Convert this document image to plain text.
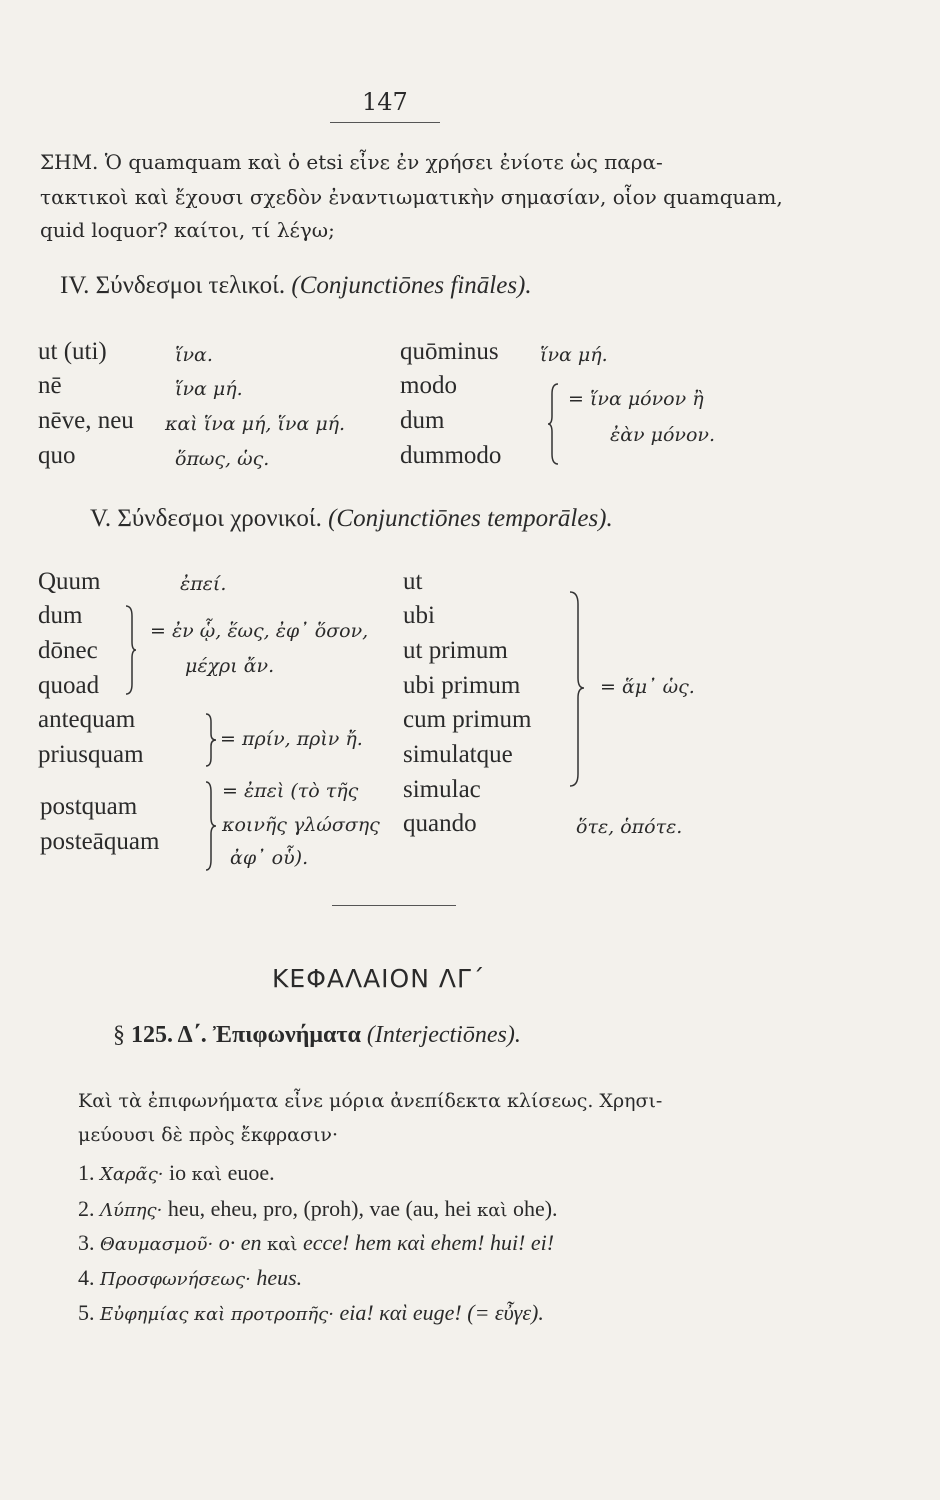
147
ΣΗΜ. Ὁ quamquam καὶ ὁ etsi εἶνε ἐν χρήσει ἐνίοτε ὡς παρα-
τακτικοὶ καὶ ἔχουσι σχεδὸν ἐναντιωματικὴν σημασίαν, οἷον quamquam,
quid loquor? καίτοι, τί λέγω;
IV. Σύνδεσμοι τελικοί. (Conjunctiōnes fināles).
ut (uti)
nē
nēve, neu
quo
ἵνα.
ἵνα μή.
καὶ ἵνα μή, ἵνα μή.
ὅπως, ὡς.
quōminus
modo
dum
dummodo
ἵνα μή.
= ἵνα μόνον ἢ
ἐὰν μόνον.
V. Σύνδεσμοι χρονικοί. (Conjunctiōnes temporāles).
Quum	ἐπεί.
dum
dōnec
quoad
= ἐν ᾧ, ἕως, ἐφ᾽ ὅσον,
μέχρι ἄν.
antequam
priusquam
= πρίν, πρὶν ἤ.
postquam
posteāquam
= ἐπεὶ (τὸ τῆς
κοινῆς γλώσσης
ἀφ᾽ οὗ).
ut
ubi
ut primum
ubi primum
cum primum
simulatque
simulac
quando	ὅτε, ὁπότε.
= ἅμ᾽ ὡς.
ΚΕΦΑΛΑΙΟΝ ΛΓ΄
§ 125. Δ΄. Ἐπιφωνήματα (Interjectiōnes).
Καὶ τὰ ἐπιφωνήματα εἶνε μόρια ἀνεπίδεκτα κλίσεως. Χρησι-
μεύουσι δὲ πρὸς ἔκφρασιν·
1. Χαρᾶς· io καὶ euoe.
2. Λύπης· heu, eheu, pro, (proh), vae (au, hei καὶ ohe).
3. Θαυμασμοῦ· o· en καὶ ecce! hem καὶ ehem! hui! ei!
4. Προσφωνήσεως· heus.
5. Εὐφημίας καὶ προτροπῆς· eia! καὶ euge! (= εὖγε).
